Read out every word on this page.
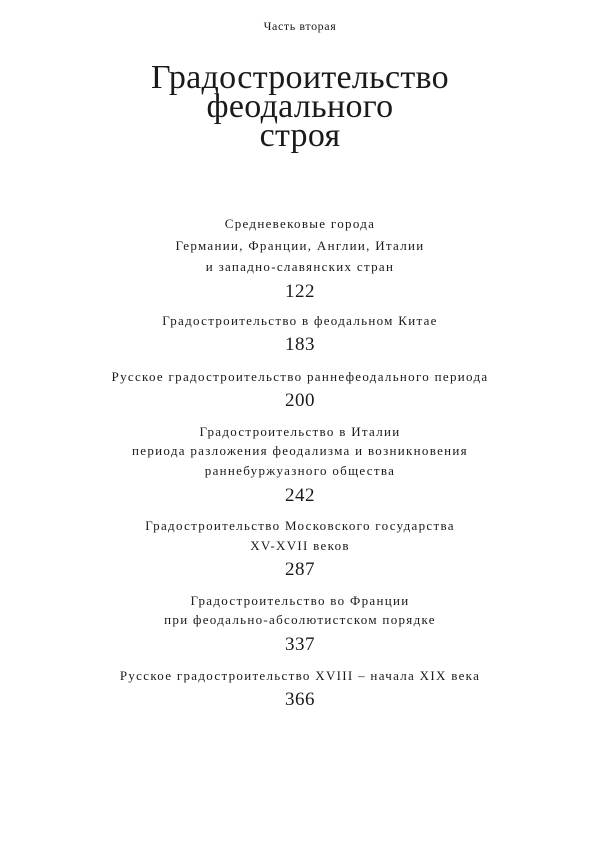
Часть вторая
Градостроительство
феодального
строя
Средневековые города
Германии, Франции, Англии, Италии
и западно-славянских стран
122
Градостроительство в феодальном Китае
183
Русское градостроительство раннефеодального периода
200
Градостроительство в Италии
периода разложения феодализма и возникновения
раннебуржуазного общества
242
Градостроительство Московского государства
XV-XVII веков
287
Градостроительство во Франции
при феодально-абсолютистском порядке
337
Русское градостроительство XVIII – начала XIX века
366
